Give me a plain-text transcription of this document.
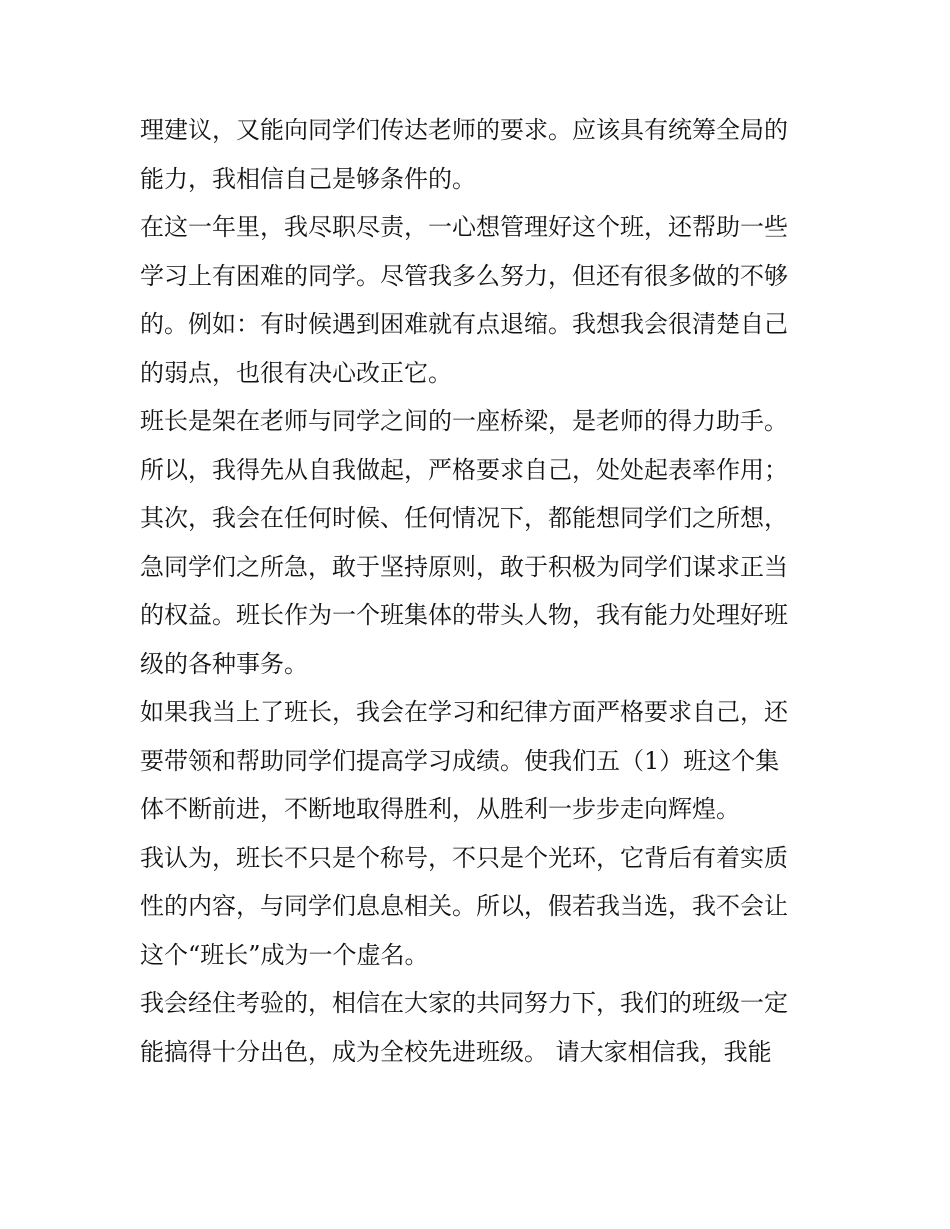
理建议，又能向同学们传达老师的要求。应该具有统筹全局的
能力，我相信自己是够条件的。
在这一年里，我尽职尽责，一心想管理好这个班，还帮助一些
学习上有困难的同学。尽管我多么努力，但还有很多做的不够
的。例如：有时候遇到困难就有点退缩。我想我会很清楚自己
的弱点，也很有决心改正它。
班长是架在老师与同学之间的一座桥梁，是老师的得力助手。
所以，我得先从自我做起，严格要求自己，处处起表率作用；
其次，我会在任何时候、任何情况下，都能想同学们之所想，
急同学们之所急，敢于坚持原则，敢于积极为同学们谋求正当
的权益。班长作为一个班集体的带头人物，我有能力处理好班
级的各种事务。
如果我当上了班长，我会在学习和纪律方面严格要求自己，还
要带领和帮助同学们提高学习成绩。使我们五（1）班这个集
体不断前进，不断地取得胜利，从胜利一步步走向辉煌。
我认为，班长不只是个称号，不只是个光环，它背后有着实质
性的内容，与同学们息息相关。所以，假若我当选，我不会让
这个“班长”成为一个虚名。
我会经住考验的，相信在大家的共同努力下，我们的班级一定
能搞得十分出色，成为全校先进班级。 请大家相信我，我能
